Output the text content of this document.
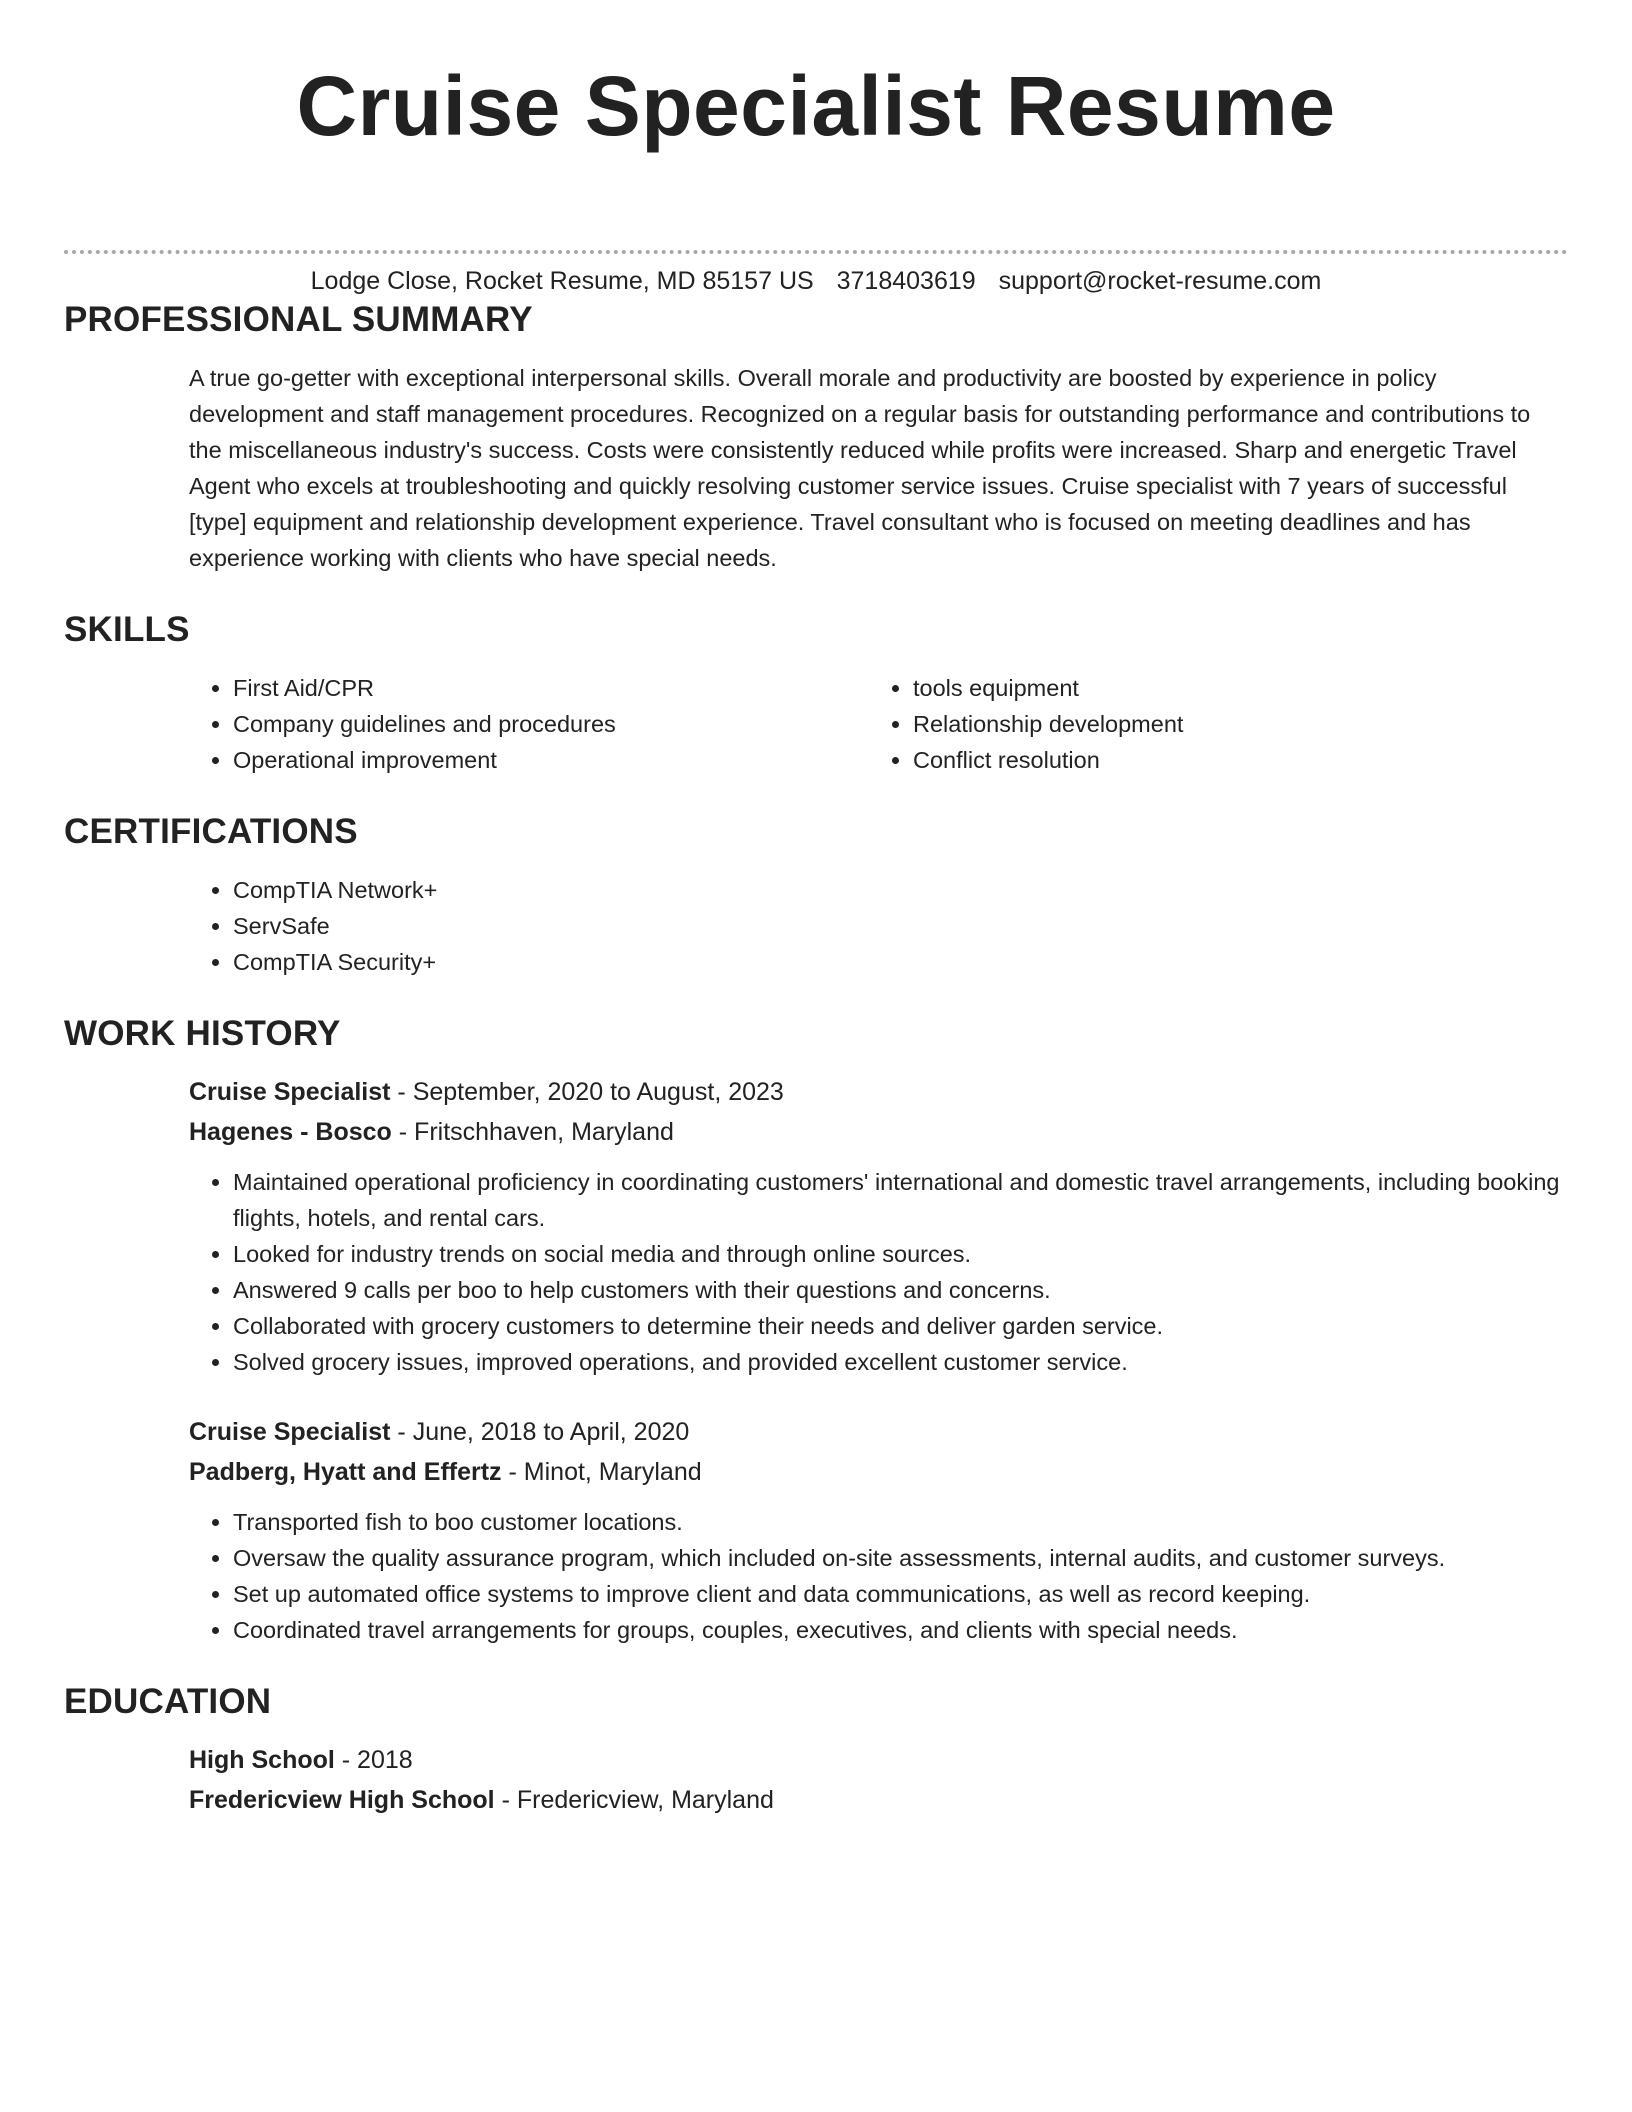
Cruise Specialist Resume
Lodge Close, Rocket Resume, MD 85157 US 3718403619 support@rocket-resume.com
PROFESSIONAL SUMMARY
A true go-getter with exceptional interpersonal skills. Overall morale and productivity are boosted by experience in policy development and staff management procedures. Recognized on a regular basis for outstanding performance and contributions to the miscellaneous industry's success. Costs were consistently reduced while profits were increased. Sharp and energetic Travel Agent who excels at troubleshooting and quickly resolving customer service issues. Cruise specialist with 7 years of successful [type] equipment and relationship development experience. Travel consultant who is focused on meeting deadlines and has experience working with clients who have special needs.
SKILLS
• First Aid/CPR
• Company guidelines and procedures
• Operational improvement
• tools equipment
• Relationship development
• Conflict resolution
CERTIFICATIONS
• CompTIA Network+
• ServSafe
• CompTIA Security+
WORK HISTORY
Cruise Specialist - September, 2020 to August, 2023
Hagenes - Bosco - Fritschhaven, Maryland
• Maintained operational proficiency in coordinating customers' international and domestic travel arrangements, including booking flights, hotels, and rental cars.
• Looked for industry trends on social media and through online sources.
• Answered 9 calls per boo to help customers with their questions and concerns.
• Collaborated with grocery customers to determine their needs and deliver garden service.
• Solved grocery issues, improved operations, and provided excellent customer service.
Cruise Specialist - June, 2018 to April, 2020
Padberg, Hyatt and Effertz - Minot, Maryland
• Transported fish to boo customer locations.
• Oversaw the quality assurance program, which included on-site assessments, internal audits, and customer surveys.
• Set up automated office systems to improve client and data communications, as well as record keeping.
• Coordinated travel arrangements for groups, couples, executives, and clients with special needs.
EDUCATION
High School - 2018
Fredericview High School - Fredericview, Maryland
